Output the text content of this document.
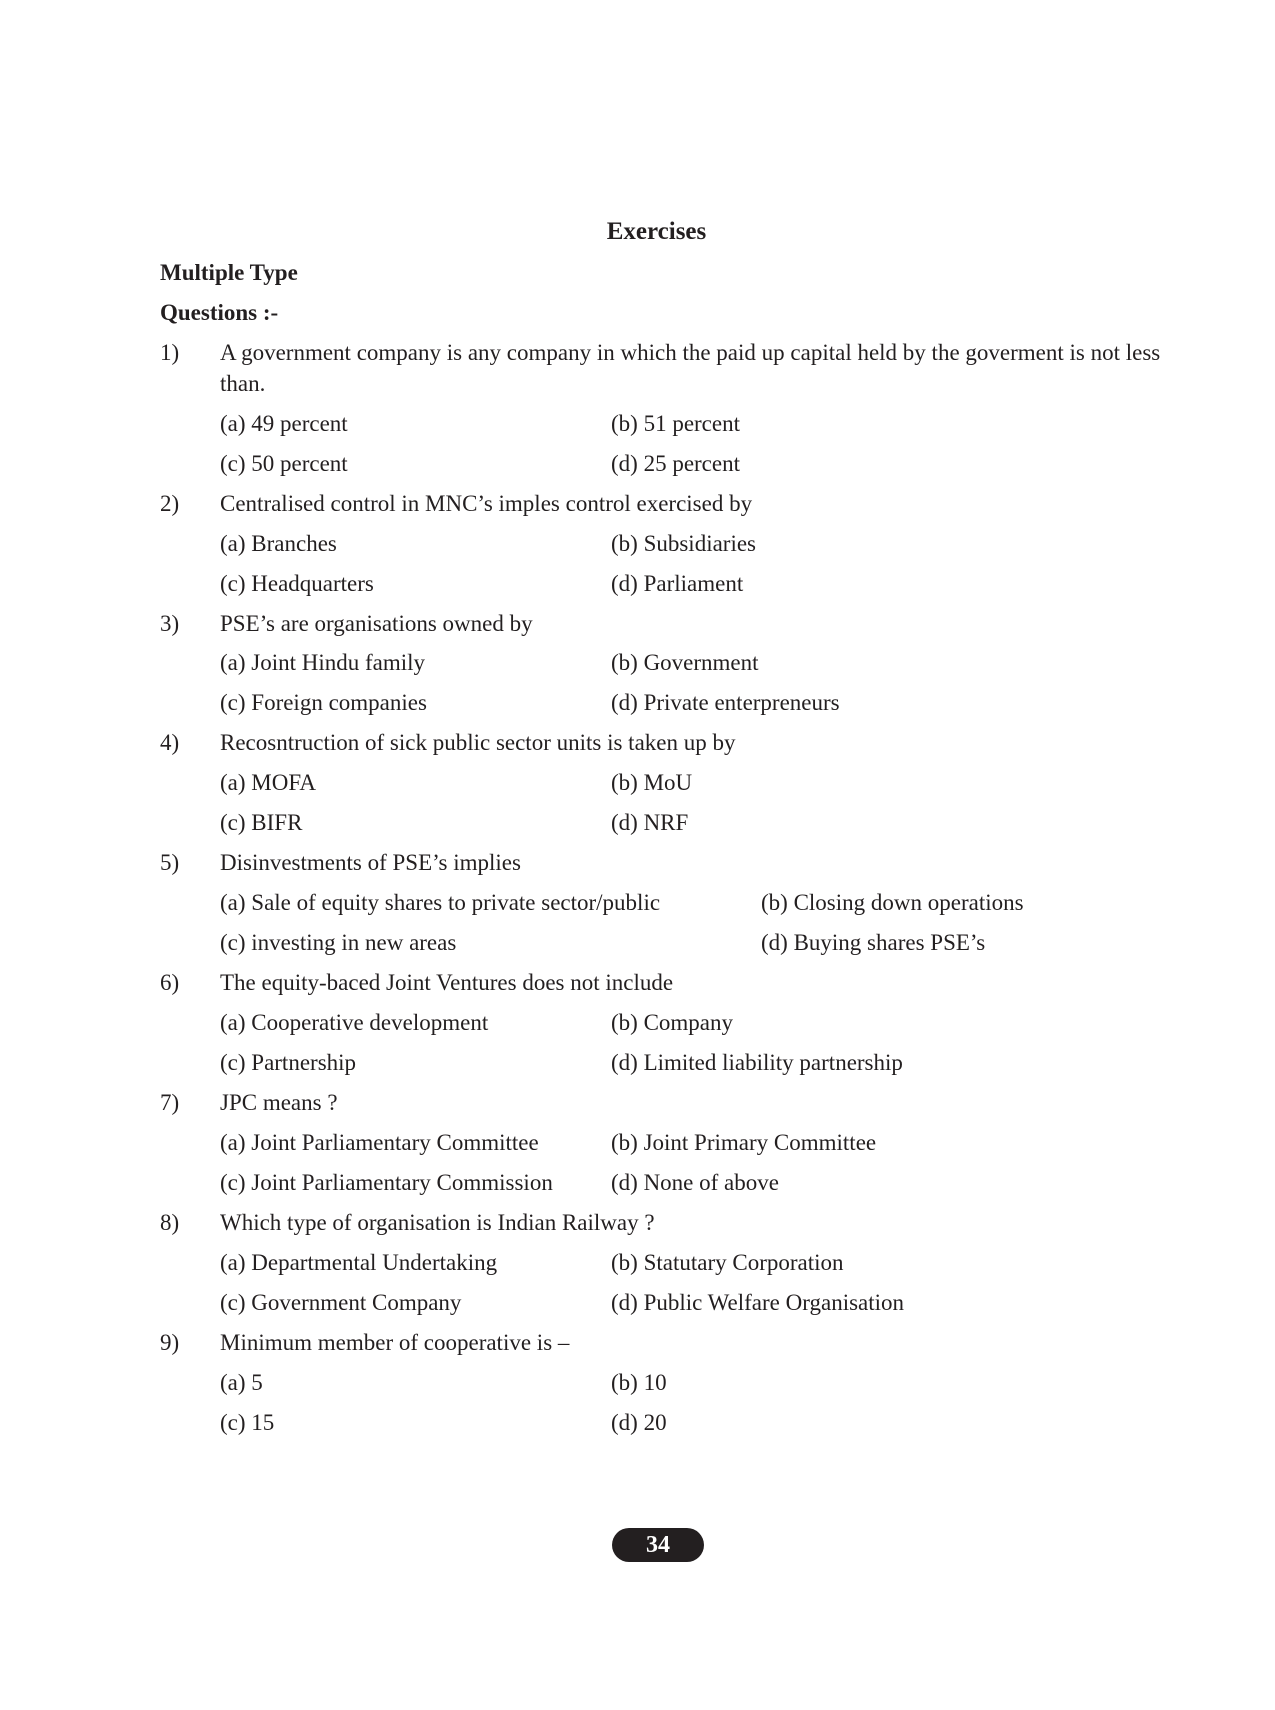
Exercises
Multiple Type
Questions :-
1) A government company is any company in which the paid up capital held by the goverment is not less than.
(a) 49 percent	(b) 51 percent
(c) 50 percent	(d) 25 percent
2) Centralised control in MNC’s imples control exercised by
(a) Branches	(b) Subsidiaries
(c) Headquarters	(d) Parliament
3) PSE’s are organisations owned by
(a) Joint Hindu family	(b) Government
(c) Foreign companies	(d) Private enterpreneurs
4) Recosntruction of sick public sector units is taken up by
(a) MOFA	(b) MoU
(c) BIFR	(d) NRF
5) Disinvestments of PSE’s implies
(a) Sale of equity shares to private sector/public	(b) Closing down operations
(c) investing in new areas	(d) Buying shares PSE’s
6) The equity-baced Joint Ventures does not include
(a) Cooperative development	(b) Company
(c) Partnership	(d) Limited liability partnership
7) JPC means ?
(a) Joint Parliamentary Committee	(b) Joint Primary Committee
(c) Joint Parliamentary Commission	(d) None of above
8) Which type of organisation is Indian Railway ?
(a) Departmental Undertaking	(b) Statutary Corporation
(c) Government Company	(d) Public Welfare Organisation
9) Minimum member of cooperative is –
(a) 5	(b) 10
(c) 15	(d) 20
34
